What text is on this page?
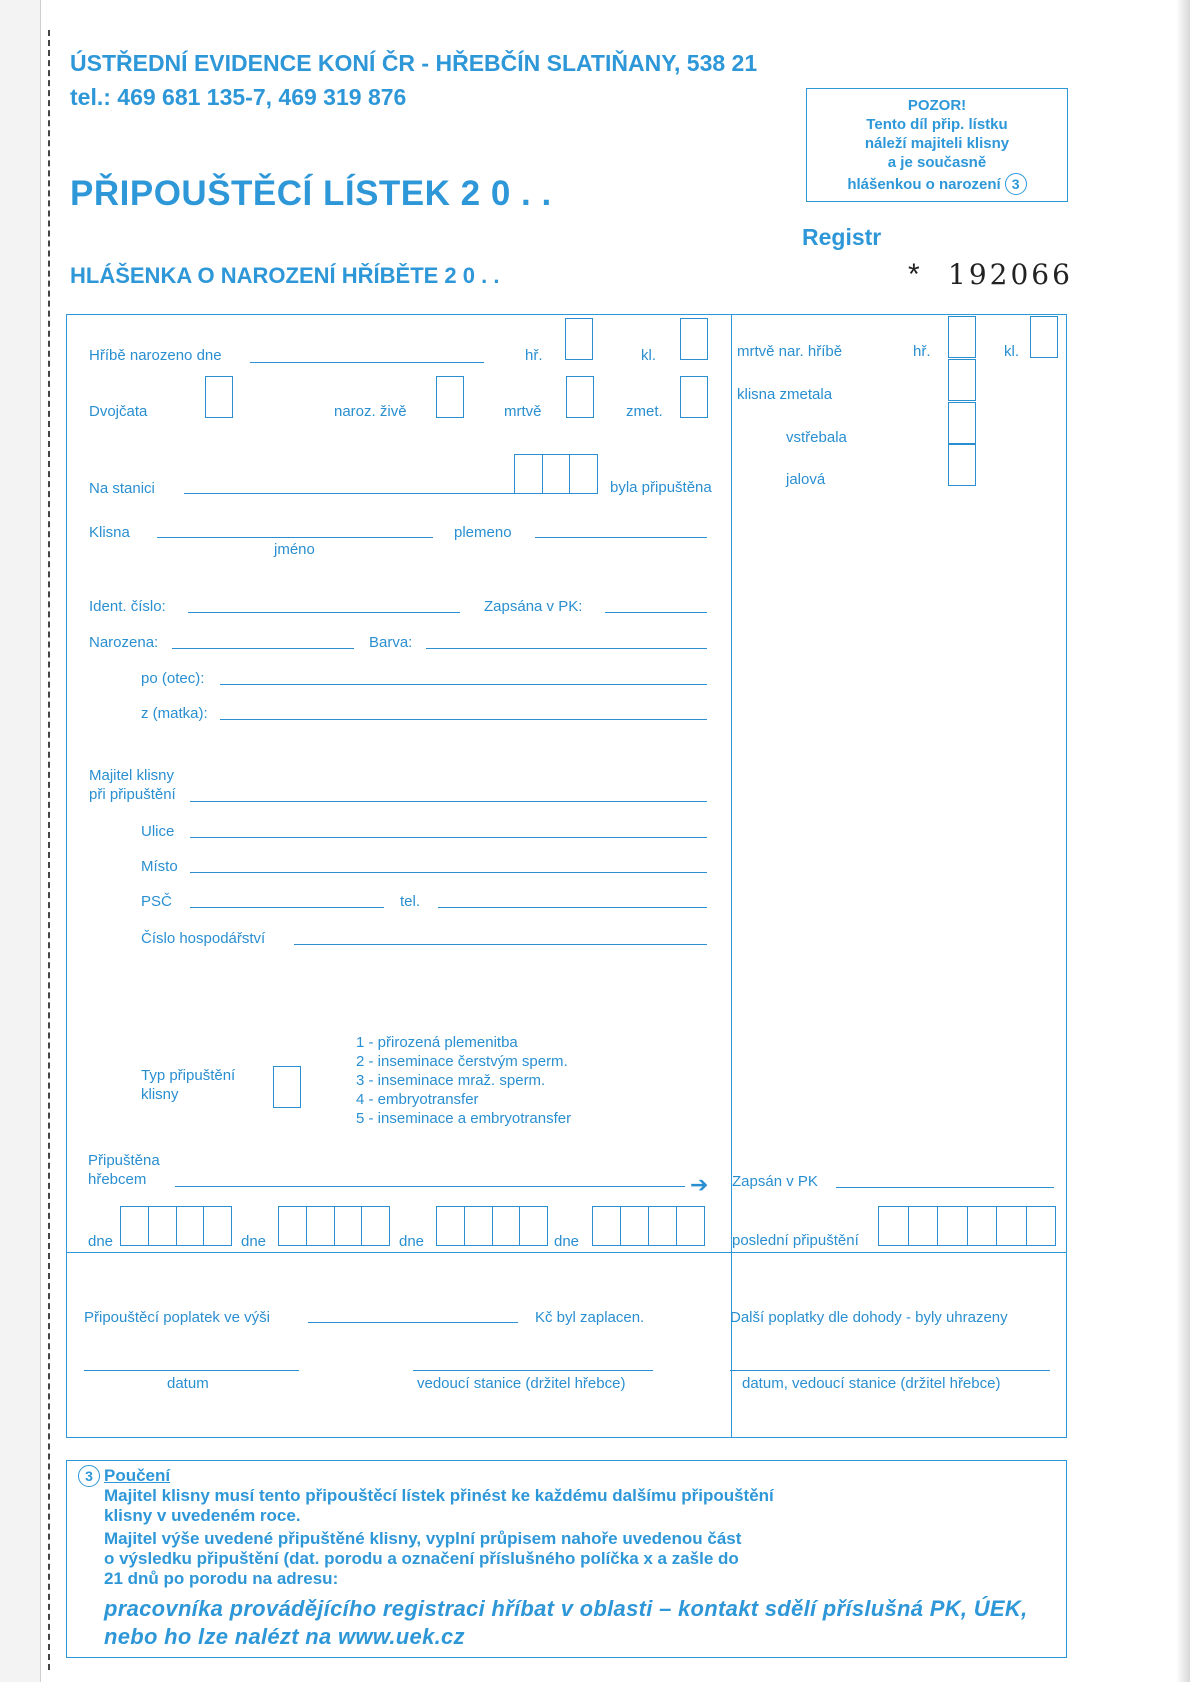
ÚSTŘEDNÍ EVIDENCE KONÍ ČR - HŘEBČÍN SLATIŇANY, 538 21
tel.: 469 681 135-7, 469 319 876
PŘIPOUŠTĚCÍ LÍSTEK 2 0 . .
HLÁŠENKA O NAROZENÍ HŘÍBĚTE 2 0 . .
POZOR!
Tento díl přip. lístku
náleží majiteli klisny
a je současně
hlášenkou o narození 3
Registr
* 192066
Hříbě narozeno dne	hř.	kl.
Dvojčata	naroz. živě	mrtvě	zmet.
Na stanici	byla připuštěna
Klisna
jméno
plemeno
Ident. číslo:	Zapsána v PK:
Narozena:	Barva:
po (otec):
z (matka):
Majitel klisny
při připuštění
Ulice
Místo
PSČ	tel.
Číslo hospodářství
Typ připuštění
klisny
1 - přirozená plemenitba
2 - inseminace čerstvým sperm.
3 - inseminace mraž. sperm.
4 - embryotransfer
5 - inseminace a embryotransfer
Připuštěna
hřebcem	➔
dne	dne	dne	dne
mrtvě nar. hříbě	hř.	kl.
klisna zmetala
vstřebala
jalová
Zapsán v PK
poslední připuštění
Připouštěcí poplatek ve výši	Kč byl zaplacen.	Další poplatky dle dohody - byly uhrazeny
datum	vedoucí stanice (držitel hřebce)	datum, vedoucí stanice (držitel hřebce)
3 Poučení
Majitel klisny musí tento připouštěcí lístek přinést ke každému dalšímu připouštění
klisny v uvedeném roce.
Majitel výše uvedené připuštěné klisny, vyplní průpisem nahoře uvedenou část
o výsledku připuštění (dat. porodu a označení příslušného políčka x a zašle do
21 dnů po porodu na adresu:
pracovníka provádějícího registraci hříbat v oblasti – kontakt sdělí příslušná PK, ÚEK,
nebo ho lze nalézt na www.uek.cz
